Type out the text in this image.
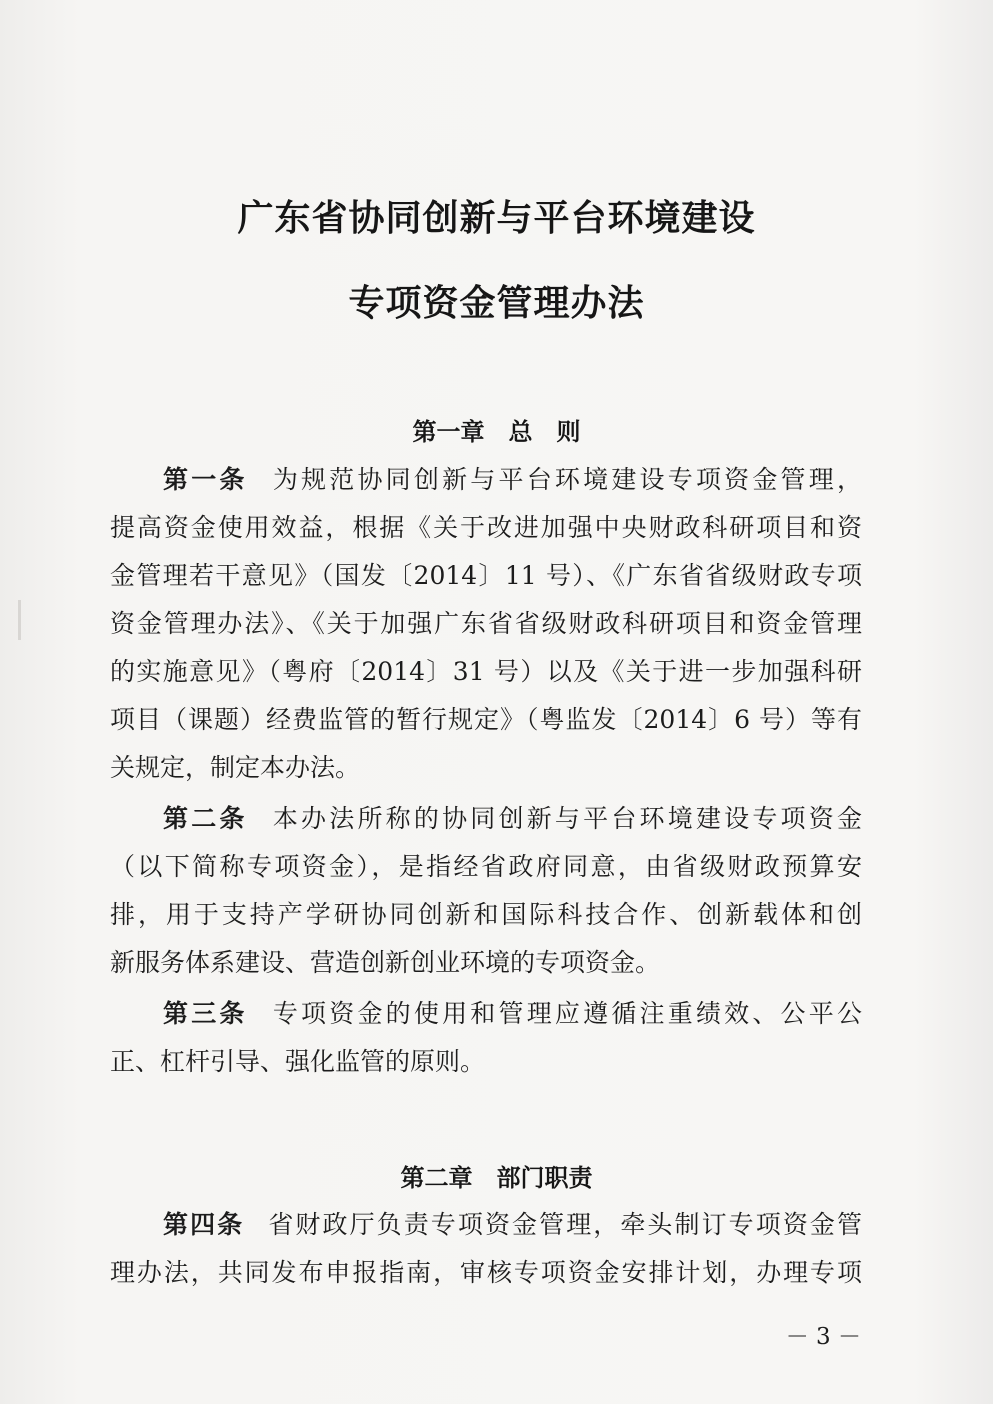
广东省协同创新与平台环境建设
专项资金管理办法
第一章　总　则
第一条 为规范协同创新与平台环境建设专项资金管理，
提高资金使用效益，根据《关于改进加强中央财政科研项目和资
金管理若干意见》（国发〔2014〕11 号）、《广东省省级财政专项
资金管理办法》、《关于加强广东省省级财政科研项目和资金管理
的实施意见》（粤府〔2014〕31 号）以及《关于进一步加强科研
项目（课题）经费监管的暂行规定》（粤监发〔2014〕6 号）等有
关规定，制定本办法。
第二条 本办法所称的协同创新与平台环境建设专项资金
（以下简称专项资金），是指经省政府同意，由省级财政预算安
排，用于支持产学研协同创新和国际科技合作、创新载体和创
新服务体系建设、营造创新创业环境的专项资金。
第三条 专项资金的使用和管理应遵循注重绩效、公平公
正、杠杆引导、强化监管的原则。
第二章　部门职责
第四条 省财政厅负责专项资金管理，牵头制订专项资金管
理办法，共同发布申报指南，审核专项资金安排计划，办理专项
－ 3 －
